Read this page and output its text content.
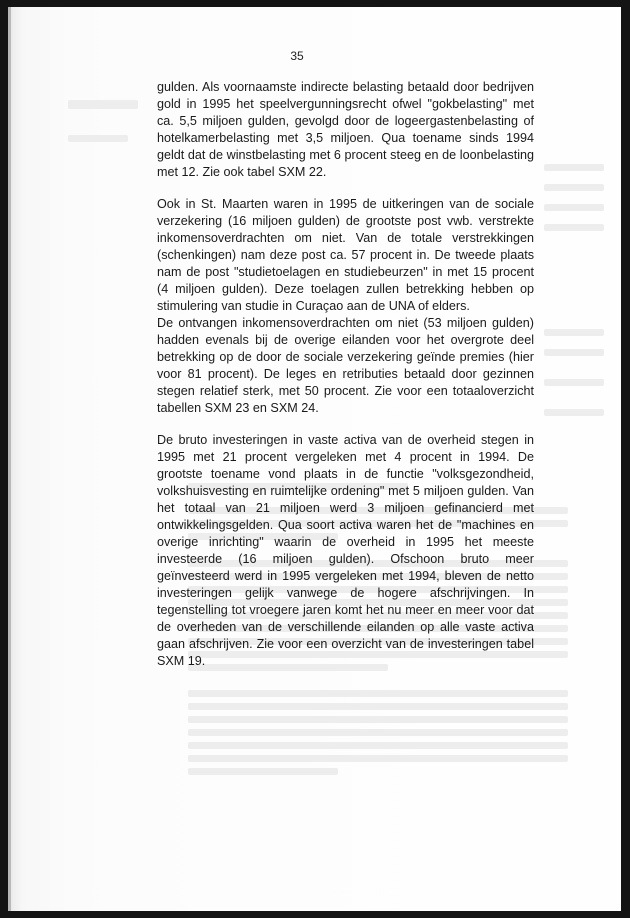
35

gulden. Als voornaamste indirecte belasting betaald door bedrijven gold in 1995 het speelvergunningsrecht ofwel "gokbelasting" met ca. 5,5 miljoen gulden, gevolgd door de logeergastenbelasting of hotelkamerbelasting met 3,5 miljoen. Qua toename sinds 1994 geldt dat de winstbelasting met 6 procent steeg en de loonbelasting met 12. Zie ook tabel SXM 22.

Ook in St. Maarten waren in 1995 de uitkeringen van de sociale verzekering (16 miljoen gulden) de grootste post vwb. verstrekte inkomensoverdrachten om niet. Van de totale verstrekkingen (schenkingen) nam deze post ca. 57 procent in. De tweede plaats nam de post "studietoelagen en studiebeurzen" in met 15 procent (4 miljoen gulden). Deze toelagen zullen betrekking hebben op stimulering van studie in Curaçao aan de UNA of elders.

De ontvangen inkomensoverdrachten om niet (53 miljoen gulden) hadden evenals bij de overige eilanden voor het overgrote deel betrekking op de door de sociale verzekering geïnde premies (hier voor 81 procent). De leges en retributies betaald door gezinnen stegen relatief sterk, met 50 procent. Zie voor een totaaloverzicht tabellen SXM 23 en SXM 24.

De bruto investeringen in vaste activa van de overheid stegen in 1995 met 21 procent vergeleken met 4 procent in 1994. De grootste toename vond plaats in de functie "volksgezondheid, volkshuisvesting en ruimtelijke ordening" met 5 miljoen gulden. Van het totaal van 21 miljoen werd 3 miljoen gefinancierd met ontwikkelingsgelden. Qua soort activa waren het de "machines en overige inrichting" waarin de overheid in 1995 het meeste investeerde (16 miljoen gulden). Ofschoon bruto meer geïnvesteerd werd in 1995 vergeleken met 1994, bleven de netto investeringen gelijk vanwege de hogere afschrijvingen. In tegenstelling tot vroegere jaren komt het nu meer en meer voor dat de overheden van de verschillende eilanden op alle vaste activa gaan afschrijven. Zie voor een overzicht van de investeringen tabel SXM 19.
